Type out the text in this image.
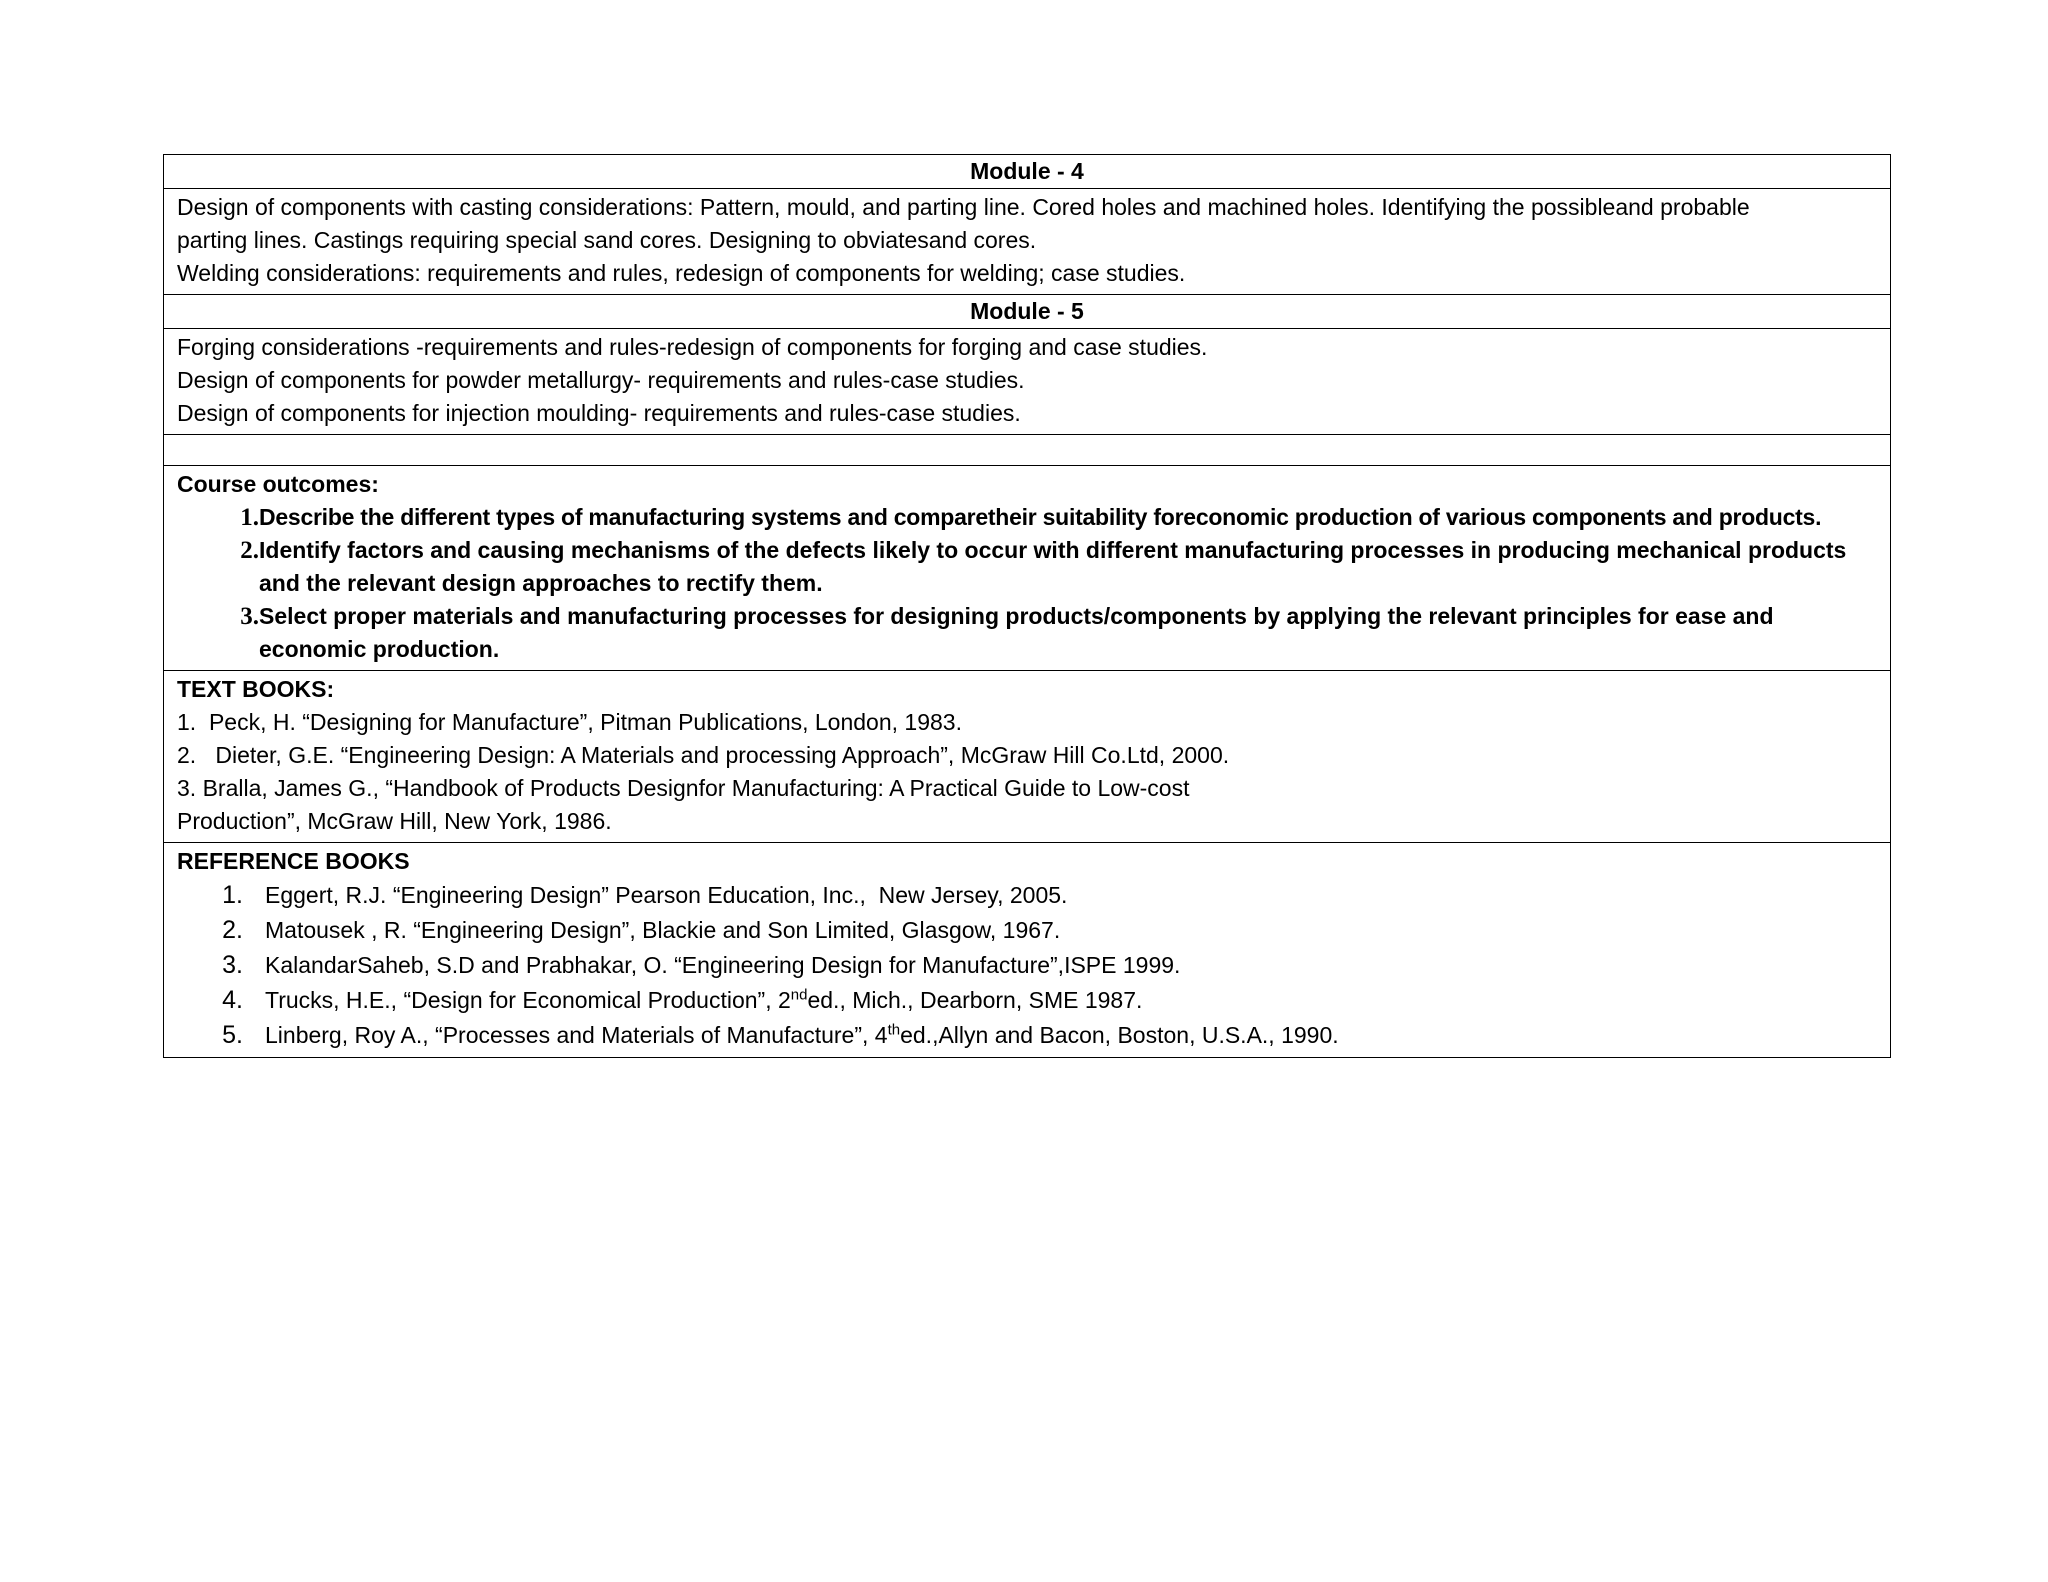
Module - 4

Design of components with casting considerations: Pattern, mould, and parting line. Cored holes and machined holes. Identifying the possibleand probable
parting lines. Castings requiring special sand cores. Designing to obviatesand cores.
Welding considerations: requirements and rules, redesign of components for welding; case studies.

Module - 5

Forging considerations -requirements and rules-redesign of components for forging and case studies.
Design of components for powder metallurgy- requirements and rules-case studies.
Design of components for injection moulding- requirements and rules-case studies.

Course outcomes:
1. Describe the different types of manufacturing systems and comparetheir suitability foreconomic production of various components and products.
2. Identify factors and causing mechanisms of the defects likely to occur with different manufacturing processes in producing mechanical products and the relevant design approaches to rectify them.
3. Select proper materials and manufacturing processes for designing products/components by applying the relevant principles for ease and economic production.

TEXT BOOKS:
1.  Peck, H. “Designing for Manufacture”, Pitman Publications, London, 1983.
2.   Dieter, G.E. “Engineering Design: A Materials and processing Approach”, McGraw Hill Co.Ltd, 2000.
3. Bralla, James G., “Handbook of Products Designfor Manufacturing: A Practical Guide to Low-cost
Production”, McGraw Hill, New York, 1986.

REFERENCE BOOKS
1. Eggert, R.J. “Engineering Design” Pearson Education, Inc.,  New Jersey, 2005.
2. Matousek , R. “Engineering Design”, Blackie and Son Limited, Glasgow, 1967.
3. KalandarSaheb, S.D and Prabhakar, O. “Engineering Design for Manufacture”,ISPE 1999.
4. Trucks, H.E., “Design for Economical Production”, 2nded., Mich., Dearborn, SME 1987.
5. Linberg, Roy A., “Processes and Materials of Manufacture”, 4thed.,Allyn and Bacon, Boston, U.S.A., 1990.
